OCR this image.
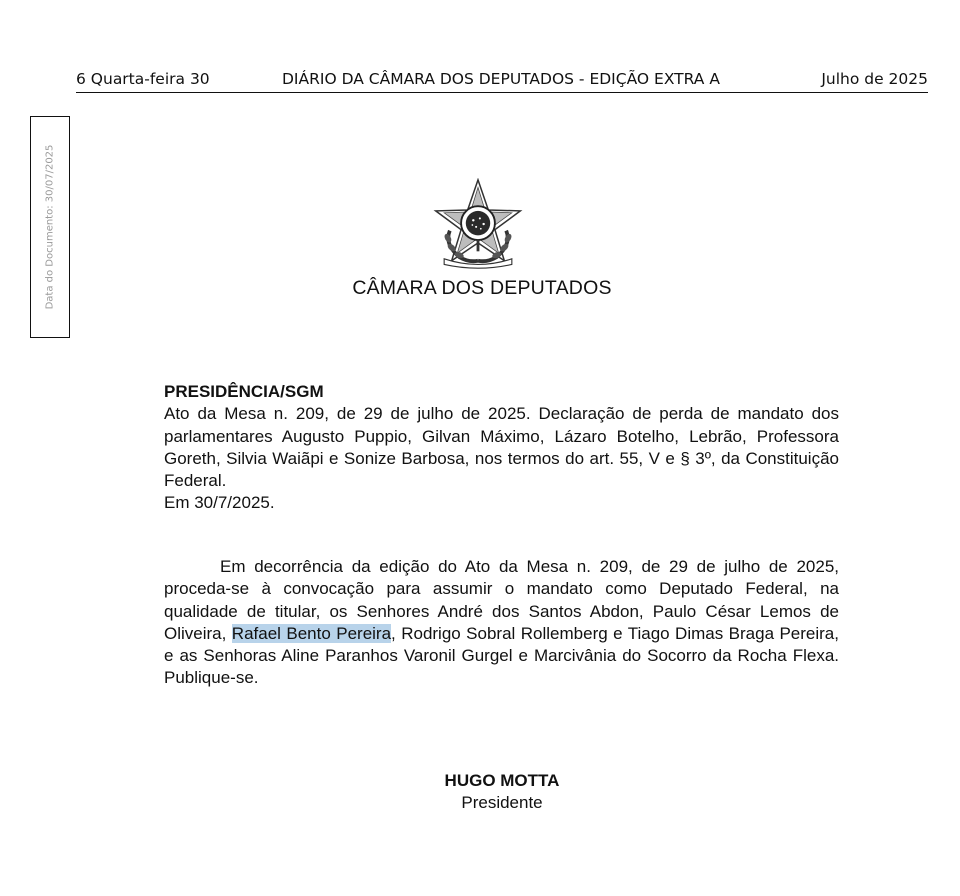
6 Quarta-feira 30	DIÁRIO DA CÂMARA DOS DEPUTADOS - EDIÇÃO EXTRA A	Julho de 2025
Data do Documento: 30/07/2025	CÂMARA DOS DEPUTADOS
PRESIDÊNCIA/SGM

Ato da Mesa n. 209, de 29 de julho de 2025. Declaração de perda de mandato dos parlamentares Augusto Puppio, Gilvan Máximo, Lázaro Botelho, Lebrão, Professora Goreth, Silvia Waiãpi e Sonize Barbosa, nos termos do art. 55, V e § 3º, da Constituição Federal.

Em 30/7/2025.

Em decorrência da edição do Ato da Mesa n. 209, de 29 de julho de 2025, proceda-se à convocação para assumir o mandato como Deputado Federal, na qualidade de titular, os Senhores André dos Santos Abdon, Paulo César Lemos de Oliveira, Rafael Bento Pereira, Rodrigo Sobral Rollemberg e Tiago Dimas Braga Pereira, e as Senhoras Aline Paranhos Varonil Gurgel e Marcivânia do Socorro da Rocha Flexa. Publique-se.

HUGO MOTTA
Presidente
